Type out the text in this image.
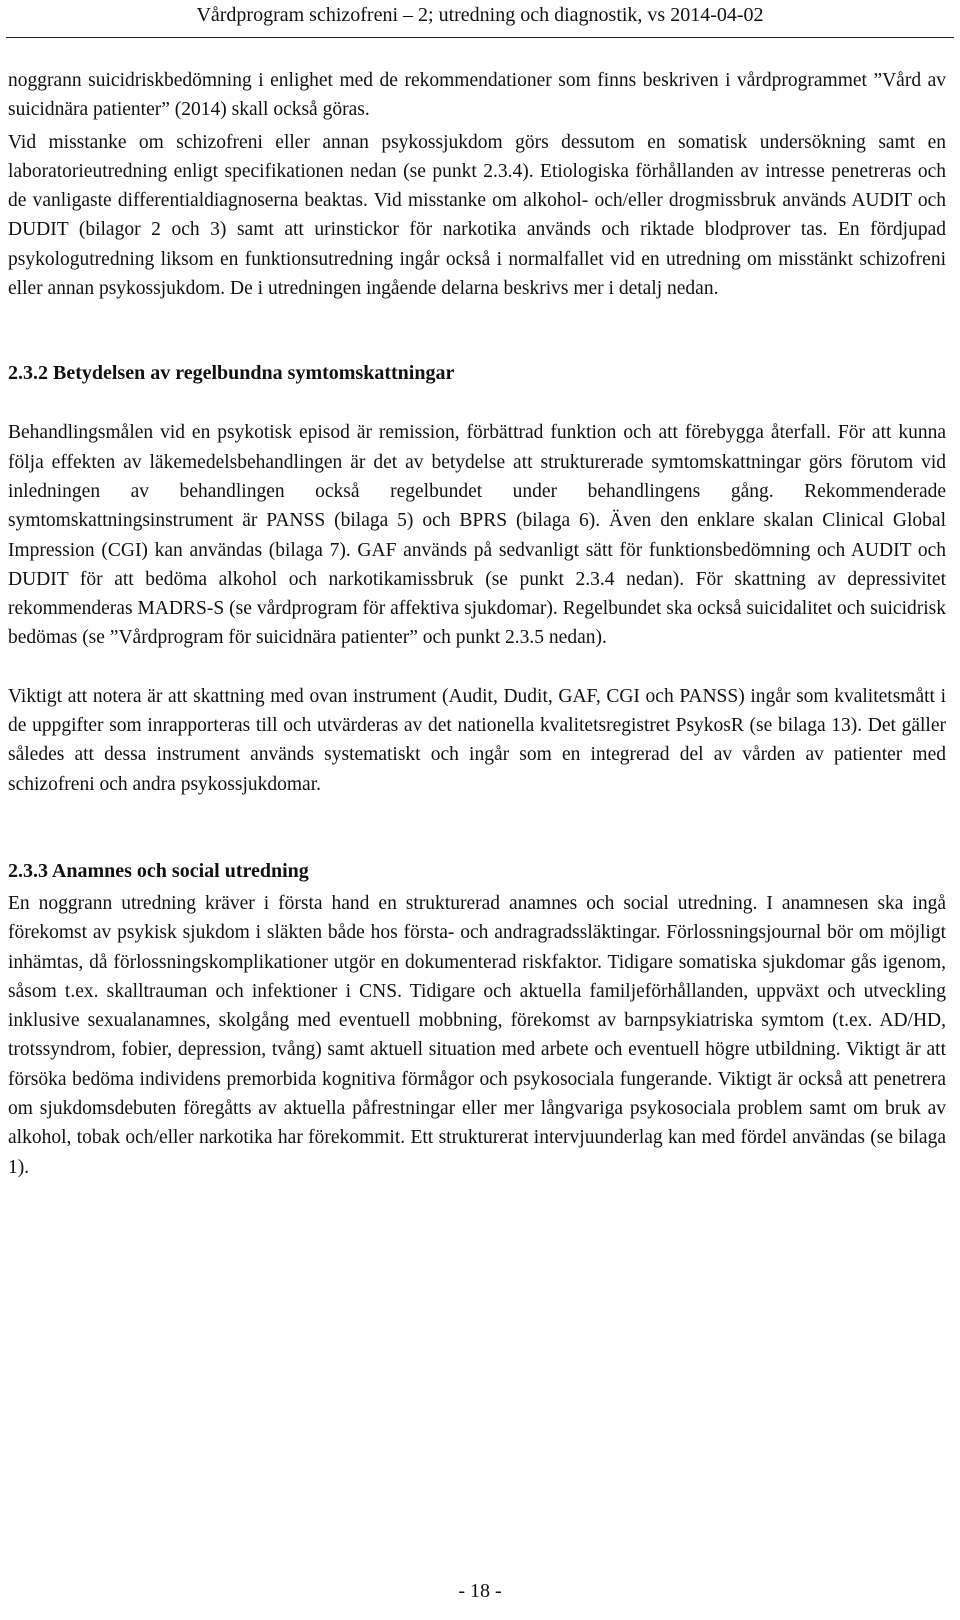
Vårdprogram schizofreni – 2; utredning och diagnostik, vs 2014-04-02

noggrann suicidriskbedömning i enlighet med de rekommendationer som finns beskriven i vårdprogrammet ”Vård av suicidnära patienter” (2014) skall också göras.

Vid misstanke om schizofreni eller annan psykossjukdom görs dessutom en somatisk undersökning samt en laboratorieutredning enligt specifikationen nedan (se punkt 2.3.4). Etiologiska förhållanden av intresse penetreras och de vanligaste differentialdiagnoserna beaktas. Vid misstanke om alkohol- och/eller drogmissbruk används AUDIT och DUDIT (bilagor 2 och 3) samt att urinstickor för narkotika används och riktade blodprover tas. En fördjupad psykologutredning liksom en funktionsutredning ingår också i normalfallet vid en utredning om misstänkt schizofreni eller annan psykossjukdom. De i utredningen ingående delarna beskrivs mer i detalj nedan.

2.3.2 Betydelsen av regelbundna symtomskattningar

Behandlingsmålen vid en psykotisk episod är remission, förbättrad funktion och att förebygga återfall. För att kunna följa effekten av läkemedelsbehandlingen är det av betydelse att strukturerade symtomskattningar görs förutom vid inledningen av behandlingen också regelbundet under behandlingens gång. Rekommenderade symtomskattningsinstrument är PANSS (bilaga 5) och BPRS (bilaga 6). Även den enklare skalan Clinical Global Impression (CGI) kan användas (bilaga 7). GAF används på sedvanligt sätt för funktionsbedömning och AUDIT och DUDIT för att bedöma alkohol och narkotikamissbruk (se punkt 2.3.4 nedan). För skattning av depressivitet rekommenderas MADRS-S (se vårdprogram för affektiva sjukdomar). Regelbundet ska också suicidalitet och suicidrisk bedömas (se ”Vårdprogram för suicidnära patienter” och punkt 2.3.5 nedan).

Viktigt att notera är att skattning med ovan instrument (Audit, Dudit, GAF, CGI och PANSS) ingår som kvalitetsmått i de uppgifter som inrapporteras till och utvärderas av det nationella kvalitetsregistret PsykosR (se bilaga 13). Det gäller således att dessa instrument används systematiskt och ingår som en integrerad del av vården av patienter med schizofreni och andra psykossjukdomar.

2.3.3 Anamnes och social utredning

En noggrann utredning kräver i första hand en strukturerad anamnes och social utredning. I anamnesen ska ingå förekomst av psykisk sjukdom i släkten både hos första- och andragradssläktingar. Förlossningsjournal bör om möjligt inhämtas, då förlossningskomplikationer utgör en dokumenterad riskfaktor. Tidigare somatiska sjukdomar gås igenom, såsom t.ex. skalltrauman och infektioner i CNS. Tidigare och aktuella familjeförhållanden, uppväxt och utveckling inklusive sexualanamnes, skolgång med eventuell mobbning, förekomst av barnpsykiatriska symtom (t.ex. AD/HD, trotssyndrom, fobier, depression, tvång) samt aktuell situation med arbete och eventuell högre utbildning. Viktigt är att försöka bedöma individens premorbida kognitiva förmågor och psykosociala fungerande. Viktigt är också att penetrera om sjukdomsdebuten föregåtts av aktuella påfrestningar eller mer långvariga psykosociala problem samt om bruk av alkohol, tobak och/eller narkotika har förekommit. Ett strukturerat intervjuunderlag kan med fördel användas (se bilaga 1).

- 18 -
